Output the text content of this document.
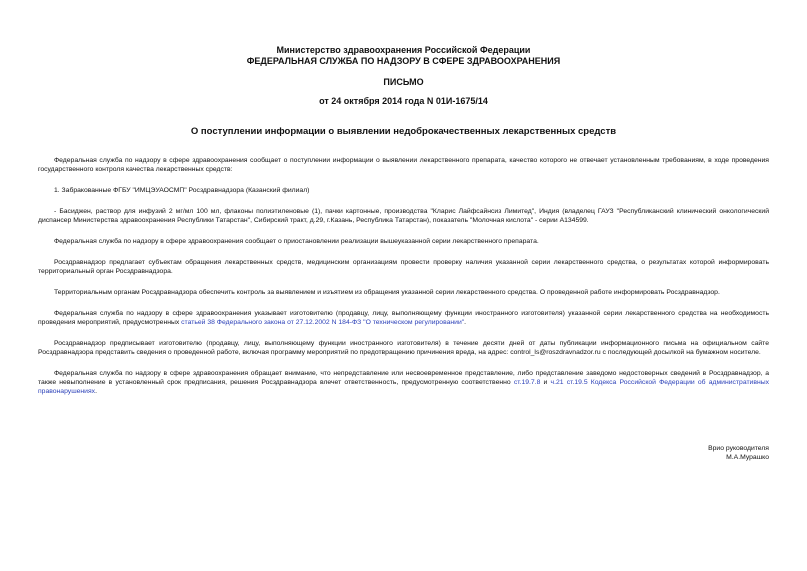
Министерство здравоохранения Российской Федерации
ФЕДЕРАЛЬНАЯ СЛУЖБА ПО НАДЗОРУ В СФЕРЕ ЗДРАВООХРАНЕНИЯ
ПИСЬМО
от 24 октября 2014 года N 01И-1675/14
О поступлении информации о выявлении недоброкачественных лекарственных средств

Федеральная служба по надзору в сфере здравоохранения сообщает о поступлении информации о выявлении лекарственного препарата, качество которого не отвечает установленным требованиям, в ходе проведения государственного контроля качества лекарственных средств:

1. Забракованные ФГБУ "ИМЦЭУАОСМП" Росздравнадзора (Казанский филиал)

- Басиджен, раствор для инфузий 2 мг/мл 100 мл, флаконы полиэтиленовые (1), пачки картонные, производства "Кларис Лайфсайнсиз Лимитед", Индия (владелец ГАУЗ "Республиканский клинический онкологический диспансер Министерства здравоохранения Республики Татарстан", Сибирский тракт, д.29, г.Казань, Республика Татарстан), показатель "Молочная кислота" - серии А134599.

Федеральная служба по надзору в сфере здравоохранения сообщает о приостановлении реализации вышеуказанной серии лекарственного препарата.

Росздравнадзор предлагает субъектам обращения лекарственных средств, медицинским организациям провести проверку наличия указанной серии лекарственного средства, о результатах которой информировать территориальный орган Росздравнадзора.

Территориальным органам Росздравнадзора обеспечить контроль за выявлением и изъятием из обращения указанной серии лекарственного средства. О проведенной работе информировать Росздравнадзор.

Федеральная служба по надзору в сфере здравоохранения указывает изготовителю (продавцу, лицу, выполняющему функции иностранного изготовителя) указанной серии лекарственного средства на необходимость проведения мероприятий, предусмотренных статьей 38 Федерального закона от 27.12.2002 N 184-ФЗ "О техническом регулировании".

Росздравнадзор предписывает изготовителю (продавцу, лицу, выполняющему функции иностранного изготовителя) в течение десяти дней от даты публикации информационного письма на официальном сайте Росздравнадзора представить сведения о проведенной работе, включая программу мероприятий по предотвращению причинения вреда, на адрес: control_ls@roszdravnadzor.ru с последующей досылкой на бумажном носителе.

Федеральная служба по надзору в сфере здравоохранения обращает внимание, что непредставление или несвоевременное представление, либо представление заведомо недостоверных сведений в Росздравнадзор, а также невыполнение в установленный срок предписания, решения Росздравнадзора влечет ответственность, предусмотренную соответственно ст.19.7.8 и ч.21 ст.19.5 Кодекса Российской Федерации об административных правонарушениях.

Врио руководителя
М.А.Мурашко
